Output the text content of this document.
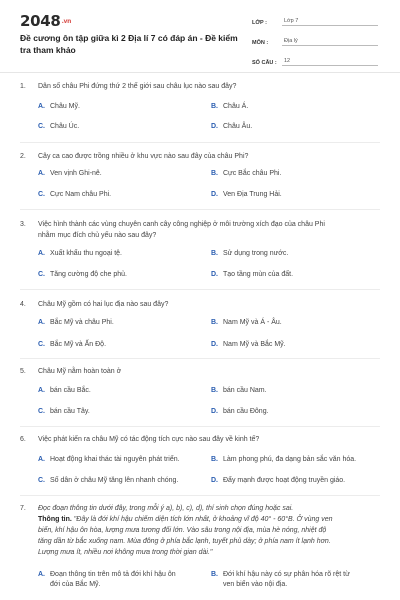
2048.vn
Đề cương ôn tập giữa kì 2 Địa lí 7 có đáp án - Đề kiểm tra tham khảo
LỚP :	Lớp 7
MÔN :	Địa lý
SỐ CÂU :	12
1.	Dân số châu Phi đứng thứ 2 thế giới sau châu lục nào sau đây?
A. Châu Mỹ.	B. Châu Á.
C. Châu Úc.	D. Châu Âu.
2.	Cây ca cao được trồng nhiều ở khu vực nào sau đây của châu Phi?
A. Ven vịnh Ghi-nê.	B. Cực Bắc châu Phi.
C. Cực Nam châu Phi.	D. Ven Địa Trung Hải.
3.	Việc hình thành các vùng chuyên canh cây công nghiệp ở môi trường xích đạo của châu Phi
nhằm mục đích chủ yếu nào sau đây?
A. Xuất khẩu thu ngoại tệ.	B. Sử dụng trong nước.
C. Tăng cường độ che phủ.	D. Tạo tầng mùn của đất.
4.	Châu Mỹ gồm có hai lục địa nào sau đây?
A. Bắc Mỹ và châu Phi.	B. Nam Mỹ và Á - Âu.
C. Bắc Mỹ và Ấn Độ.	D. Nam Mỹ và Bắc Mỹ.
5.	Châu Mỹ nằm hoàn toàn ở
A. bán cầu Bắc.	B. bán cầu Nam.
C. bán cầu Tây.	D. bán cầu Đông.
6.	Việc phát kiến ra châu Mỹ có tác động tích cực nào sau đây về kinh tế?
A. Hoạt động khai thác tài nguyên phát triển.	B. Làm phong phú, đa dạng bản sắc văn hóa.
C. Số dân ở châu Mỹ tăng lên nhanh chóng.	D. Đẩy mạnh được hoạt động truyền giáo.
7.	Đọc đoạn thông tin dưới đây, trong mỗi ý a), b), c), d), thí sinh chọn đúng hoặc sai.
Thông tin. "Đây là đới khí hậu chiếm diện tích lớn nhất, ở khoảng vĩ độ 40° - 60°B. Ở vùng ven
biển, khí hậu ôn hòa, lượng mưa tương đối lớn. Vào sâu trong nội địa, mùa hè nóng, nhiệt độ
tăng dần từ bắc xuống nam. Mùa đông ở phía bắc lạnh, tuyết phủ dày; ở phía nam ít lạnh hơn.
Lượng mưa ít, nhiều nơi không mưa trong thời gian dài."
A. Đoạn thông tin trên mô tả đới khí hậu ôn
đới của Bắc Mỹ.
B. Đới khí hậu này có sự phân hóa rõ rệt từ
ven biển vào nội địa.
